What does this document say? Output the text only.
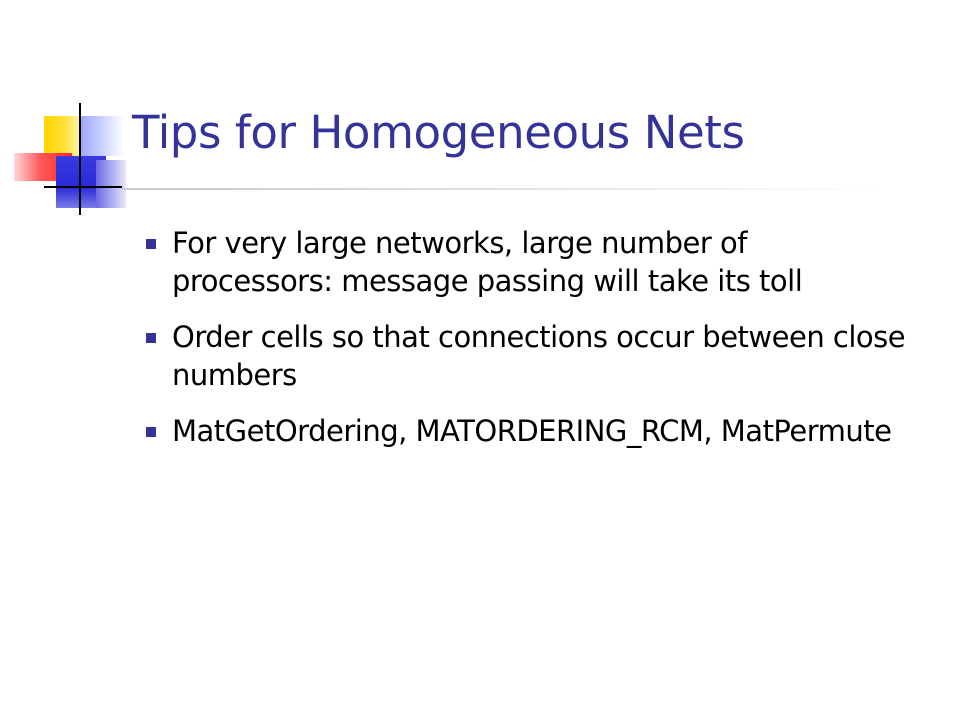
Tips for Homogeneous Nets
For very large networks, large number of processors: message passing will take its toll
Order cells so that connections occur between close numbers
MatGetOrdering, MATORDERING_RCM, MatPermute
